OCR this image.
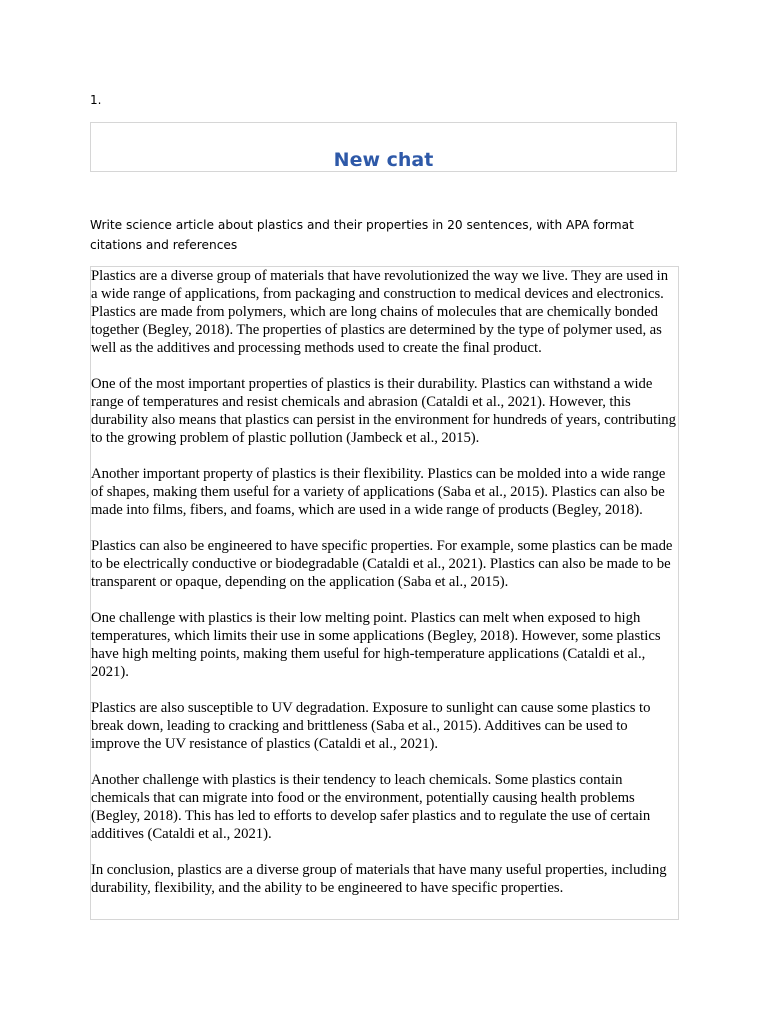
1.
New chat
Write science article about plastics and their properties in 20 sentences, with APA format citations and references

Plastics are a diverse group of materials that have revolutionized the way we live. They are used in a wide range of applications, from packaging and construction to medical devices and electronics. Plastics are made from polymers, which are long chains of molecules that are chemically bonded together (Begley, 2018). The properties of plastics are determined by the type of polymer used, as well as the additives and processing methods used to create the final product.

One of the most important properties of plastics is their durability. Plastics can withstand a wide range of temperatures and resist chemicals and abrasion (Cataldi et al., 2021). However, this durability also means that plastics can persist in the environment for hundreds of years, contributing to the growing problem of plastic pollution (Jambeck et al., 2015).

Another important property of plastics is their flexibility. Plastics can be molded into a wide range of shapes, making them useful for a variety of applications (Saba et al., 2015). Plastics can also be made into films, fibers, and foams, which are used in a wide range of products (Begley, 2018).

Plastics can also be engineered to have specific properties. For example, some plastics can be made to be electrically conductive or biodegradable (Cataldi et al., 2021). Plastics can also be made to be transparent or opaque, depending on the application (Saba et al., 2015).

One challenge with plastics is their low melting point. Plastics can melt when exposed to high temperatures, which limits their use in some applications (Begley, 2018). However, some plastics have high melting points, making them useful for high-temperature applications (Cataldi et al., 2021).

Plastics are also susceptible to UV degradation. Exposure to sunlight can cause some plastics to break down, leading to cracking and brittleness (Saba et al., 2015). Additives can be used to improve the UV resistance of plastics (Cataldi et al., 2021).

Another challenge with plastics is their tendency to leach chemicals. Some plastics contain chemicals that can migrate into food or the environment, potentially causing health problems (Begley, 2018). This has led to efforts to develop safer plastics and to regulate the use of certain additives (Cataldi et al., 2021).

In conclusion, plastics are a diverse group of materials that have many useful properties, including durability, flexibility, and the ability to be engineered to have specific properties.
